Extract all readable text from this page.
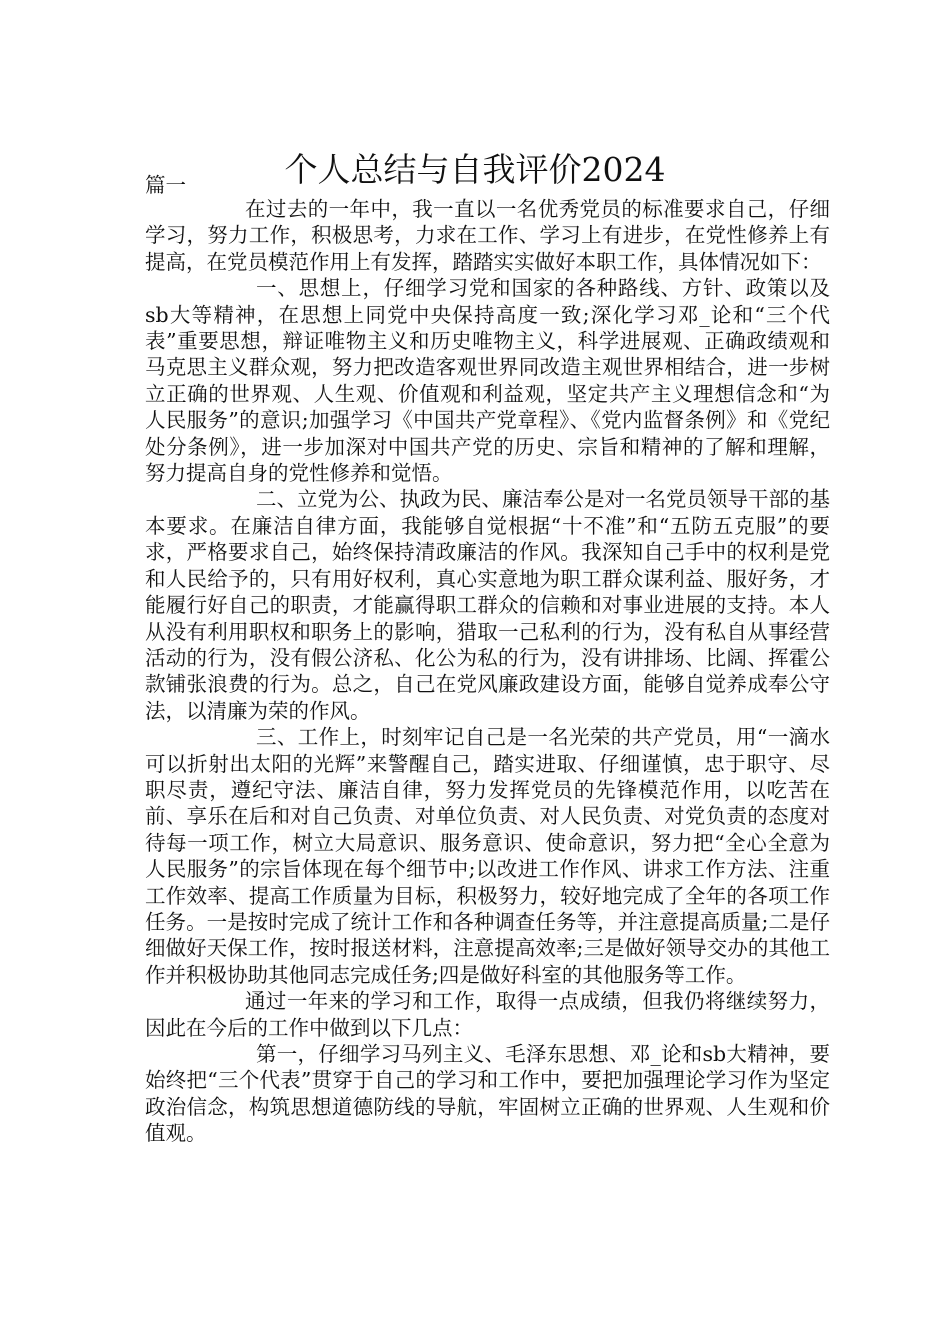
个人总结与自我评价2024
篇一

在过去的一年中，我一直以一名优秀党员的标准要求自己，仔细学习，努力工作，积极思考，力求在工作、学习上有进步，在党性修养上有提高，在党员模范作用上有发挥，踏踏实实做好本职工作，具体情况如下：

一、思想上，仔细学习党和国家的各种路线、方针、政策以及sb大等精神，在思想上同党中央保持高度一致;深化学习邓_论和“三个代表”重要思想，辩证唯物主义和历史唯物主义，科学进展观、正确政绩观和马克思主义群众观，努力把改造客观世界同改造主观世界相结合，进一步树立正确的世界观、人生观、价值观和利益观，坚定共产主义理想信念和“为人民服务”的意识;加强学习《中国共产党章程》、《党内监督条例》和《党纪处分条例》，进一步加深对中国共产党的历史、宗旨和精神的了解和理解，努力提高自身的党性修养和觉悟。

二、立党为公、执政为民、廉洁奉公是对一名党员领导干部的基本要求。在廉洁自律方面，我能够自觉根据“十不准”和“五防五克服”的要求，严格要求自己，始终保持清政廉洁的作风。我深知自己手中的权利是党和人民给予的，只有用好权利，真心实意地为职工群众谋利益、服好务，才能履行好自己的职责，才能赢得职工群众的信赖和对事业进展的支持。本人从没有利用职权和职务上的影响，猎取一己私利的行为，没有私自从事经营活动的行为，没有假公济私、化公为私的行为，没有讲排场、比阔、挥霍公款铺张浪费的行为。总之，自己在党风廉政建设方面，能够自觉养成奉公守法，以清廉为荣的作风。

三、工作上，时刻牢记自己是一名光荣的共产党员，用“一滴水可以折射出太阳的光辉”来警醒自己，踏实进取、仔细谨慎，忠于职守、尽职尽责，遵纪守法、廉洁自律，努力发挥党员的先锋模范作用，以吃苦在前、享乐在后和对自己负责、对单位负责、对人民负责、对党负责的态度对待每一项工作，树立大局意识、服务意识、使命意识，努力把“全心全意为人民服务”的宗旨体现在每个细节中;以改进工作作风、讲求工作方法、注重工作效率、提高工作质量为目标，积极努力，较好地完成了全年的各项工作任务。一是按时完成了统计工作和各种调查任务等，并注意提高质量;二是仔细做好天保工作，按时报送材料，注意提高效率;三是做好领导交办的其他工作并积极协助其他同志完成任务;四是做好科室的其他服务等工作。

通过一年来的学习和工作，取得一点成绩，但我仍将继续努力，因此在今后的工作中做到以下几点：

第一，仔细学习马列主义、毛泽东思想、邓_论和sb大精神，要始终把“三个代表”贯穿于自己的学习和工作中，要把加强理论学习作为坚定政治信念，构筑思想道德防线的导航，牢固树立正确的世界观、人生观和价值观。
